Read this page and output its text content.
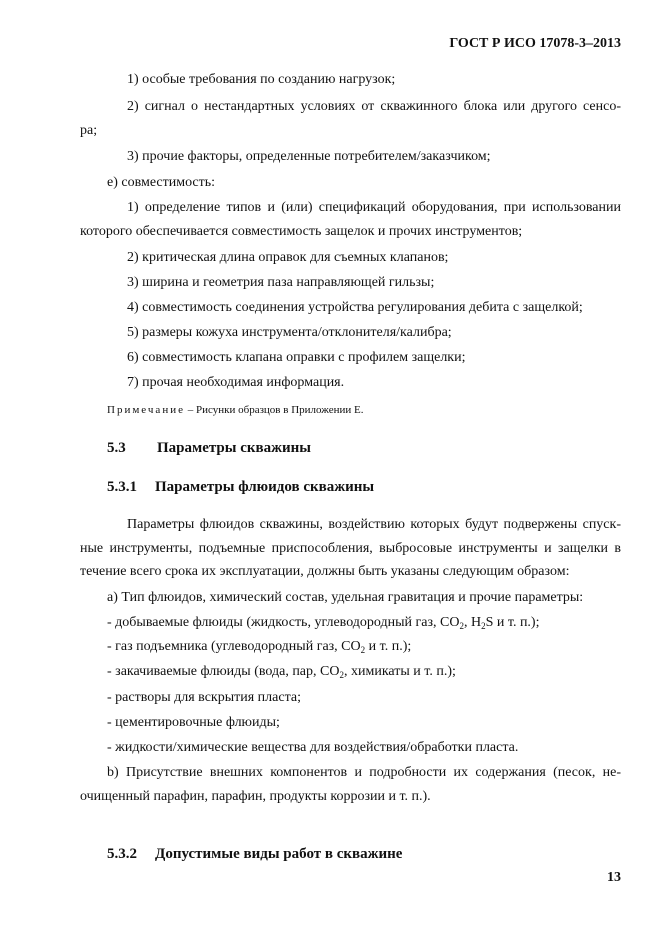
ГОСТ Р ИСО 17078-3–2013
1) особые требования по созданию нагрузок;
2) сигнал о нестандартных условиях от скважинного блока или другого сенсо-
ра;
3) прочие факторы, определенные потребителем/заказчиком;
е) совместимость:
1) определение типов и (или) спецификаций оборудования, при использовании
которого обеспечивается совместимость защелок и прочих инструментов;
2) критическая длина оправок для съемных клапанов;
3) ширина и геометрия паза направляющей гильзы;
4) совместимость соединения устройства регулирования дебита с защелкой;
5) размеры кожуха инструмента/отклонителя/калибра;
6) совместимость клапана оправки с профилем защелки;
7) прочая необходимая информация.
Примечание – Рисунки образцов в Приложении Е.
5.3 Параметры скважины
5.3.1 Параметры флюидов скважины
Параметры флюидов скважины, воздействию которых будут подвержены спуск-
ные инструменты, подъемные приспособления, выбросовые инструменты и защелки в
течение всего срока их эксплуатации, должны быть указаны следующим образом:
а) Тип флюидов, химический состав, удельная гравитация и прочие параметры:
- добываемые флюиды (жидкость, углеводородный газ, $CO_2$, $H_2S$ и т. п.);
- газ подъемника (углеводородный газ, $CO_2$ и т. п.);
- закачиваемые флюиды (вода, пар, $CO_2$, химикаты и т. п.);
- растворы для вскрытия пласта;
- цементировочные флюиды;
- жидкости/химические вещества для воздействия/обработки пласта.
b) Присутствие внешних компонентов и подробности их содержания (песок, не-
очищенный парафин, парафин, продукты коррозии и т. п.).
5.3.2 Допустимые виды работ в скважине
13
